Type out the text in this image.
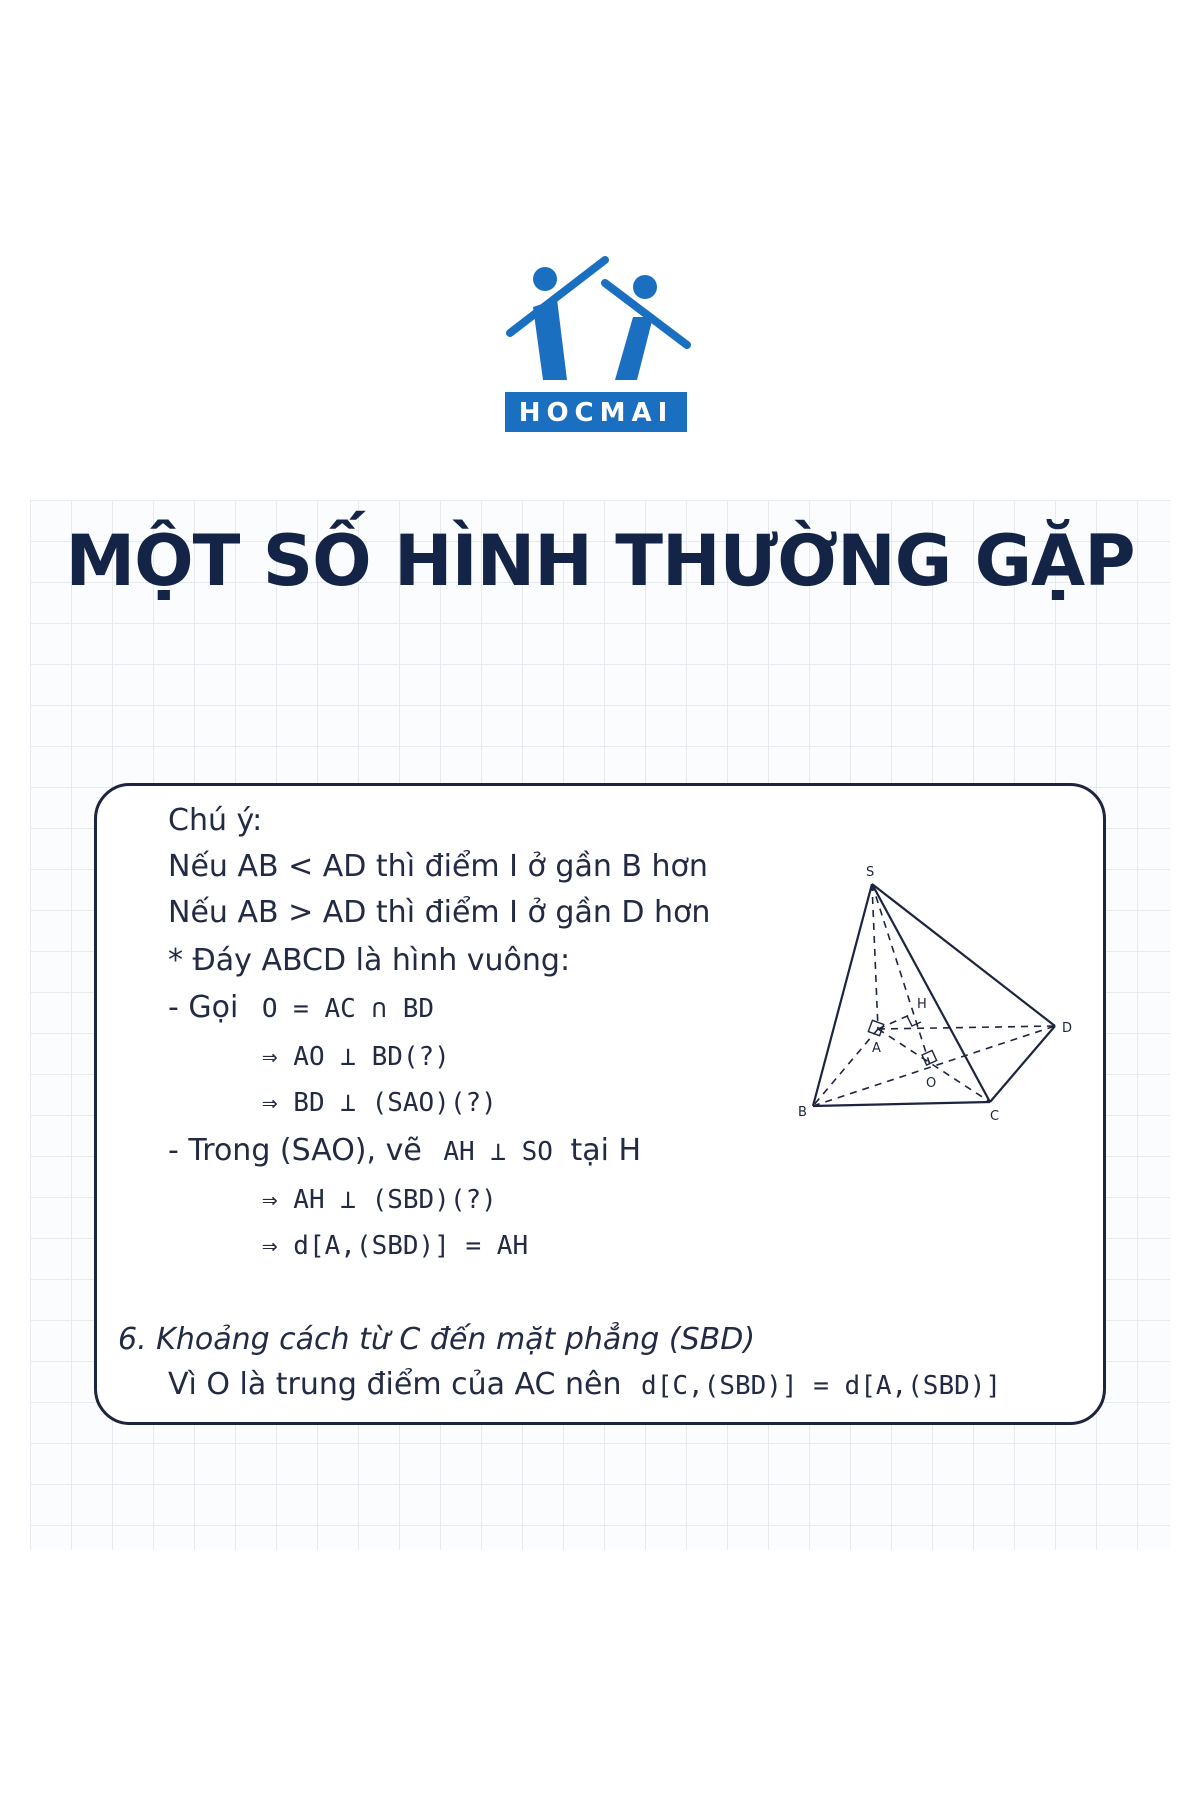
HOCMAI
MỘT SỐ HÌNH THƯỜNG GẶP
Chú ý:
Nếu AB < AD thì điểm I ở gần B hơn
Nếu AB > AD thì điểm I ở gần D hơn
* Đáy ABCD là hình vuông:
- Gọi O = AC ∩ BD
⇒ AO ⊥ BD(?)
⇒ BD ⊥ (SAO)(?)
- Trong (SAO), vẽ AH ⊥ SO tại H
⇒ AH ⊥ (SBD)(?)
⇒ d[A,(SBD)] = AH
6. Khoảng cách từ C đến mặt phẳng (SBD)
Vì O là trung điểm của AC nên d[C,(SBD)] = d[A,(SBD)]
S
A
B	C
D
H
O
